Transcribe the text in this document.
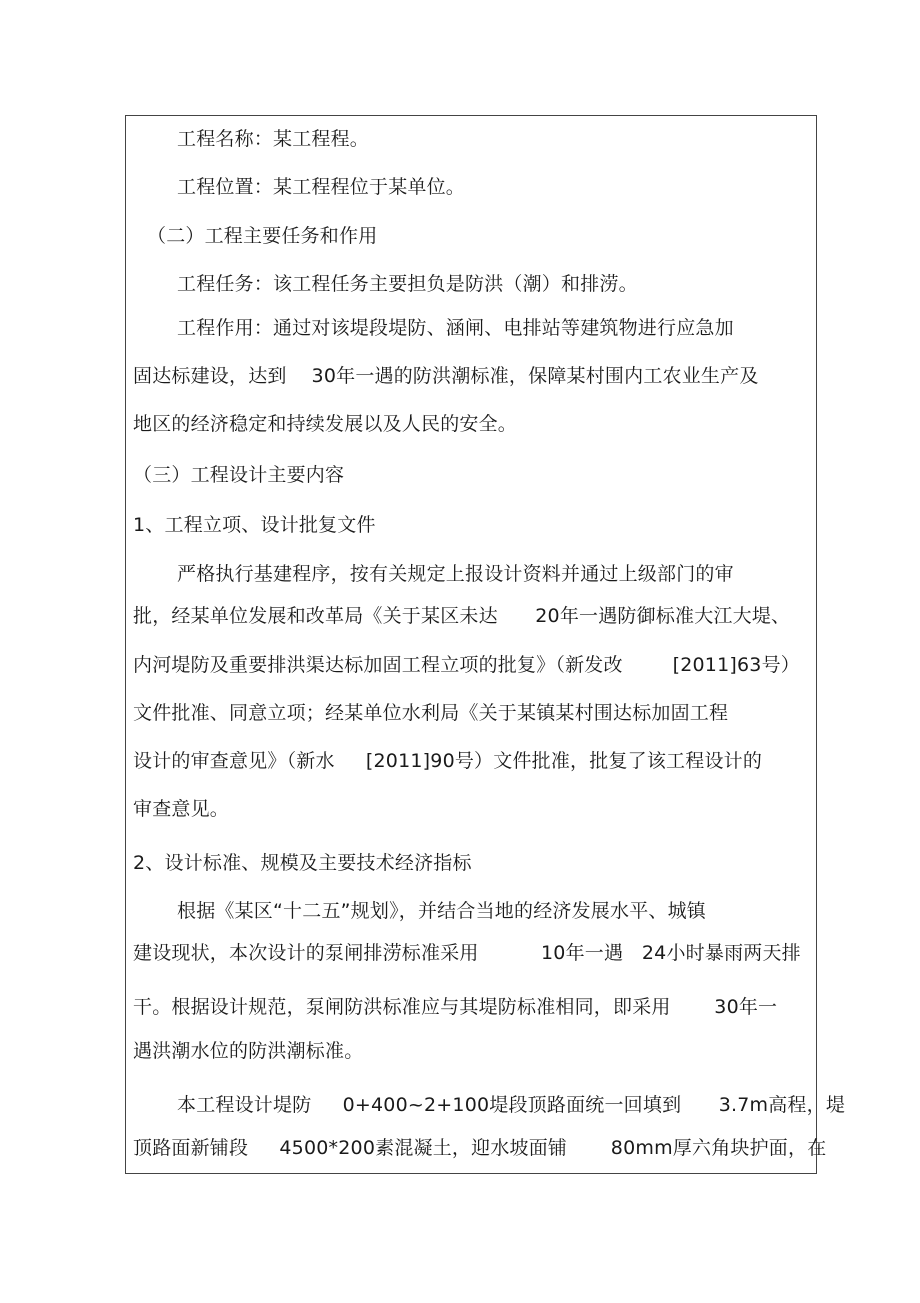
工程名称：某工程程。
工程位置：某工程程位于某单位。
（二）工程主要任务和作用
工程任务：该工程任务主要担负是防洪（潮）和排涝。
工程作用：通过对该堤段堤防、涵闸、电排站等建筑物进行应急加
固达标建设，达到    30年一遇的防洪潮标准，保障某村围内工农业生产及
地区的经济稳定和持续发展以及人民的安全。
（三）工程设计主要内容
1、工程立项、设计批复文件
严格执行基建程序，按有关规定上报设计资料并通过上级部门的审
批，经某单位发展和改革局《关于某区未达      20年一遇防御标准大江大堤、
内河堤防及重要排洪渠达标加固工程立项的批复》（新发改        [2011]63号）
文件批准、同意立项；经某单位水利局《关于某镇某村围达标加固工程
设计的审查意见》（新水     [2011]90号）文件批准，批复了该工程设计的
审查意见。
2、设计标准、规模及主要技术经济指标
根据《某区“十二五”规划》，并结合当地的经济发展水平、城镇
建设现状，本次设计的泵闸排涝标准采用          10年一遇   24小时暴雨两天排
干。根据设计规范，泵闸防洪标准应与其堤防标准相同，即采用       30年一
遇洪潮水位的防洪潮标准。
本工程设计堤防     0+400~2+100堤段顶路面统一回填到      3.7m高程，堤
顶路面新铺段     4500*200素混凝土，迎水坡面铺       80mm厚六角块护面，在
